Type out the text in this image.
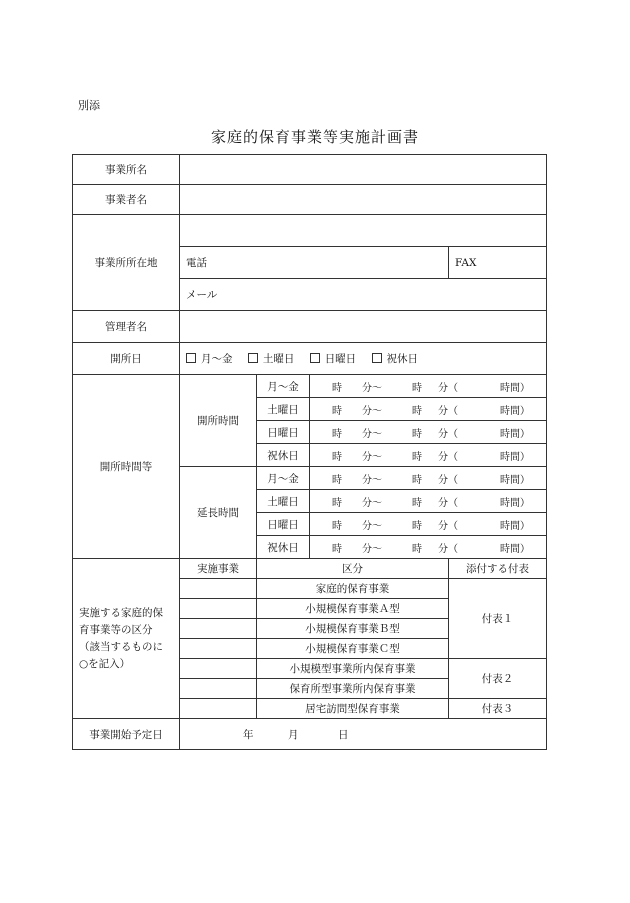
別添
家庭的保育事業等実施計画書
事業所名				
事業者名				
事業所所在地				
	電話			FAX
	メール			
管理者名				
開所日	月～金 土曜日 日曜日 祝休日			
開所時間等	開所時間	月～金	時 分～ 時 分（ 時間）	

		土曜日	時 分～ 時 分（ 時間）	

		日曜日	時 分～ 時 分（ 時間）	

		祝休日	時 分～ 時 分（ 時間）	

	延長時間	月～金	時 分～ 時 分（ 時間）	

		土曜日	時 分～ 時 分（ 時間）	

		日曜日	時 分～ 時 分（ 時間）	

		祝休日	時 分～ 時 分（ 時間）	

実施する家庭的保
育事業等の区分
（該当するものに
○を記入）	実施事業	区分		添付する付表
		家庭的保育事業		付表１
		小規模保育事業Ａ型		
		小規模保育事業Ｂ型		
		小規模保育事業Ｃ型		
		小規模型事業所内保育事業		付表２
		保育所型事業所内保育事業		
		居宅訪問型保育事業		付表３
事業開始予定日	年 月 日			
